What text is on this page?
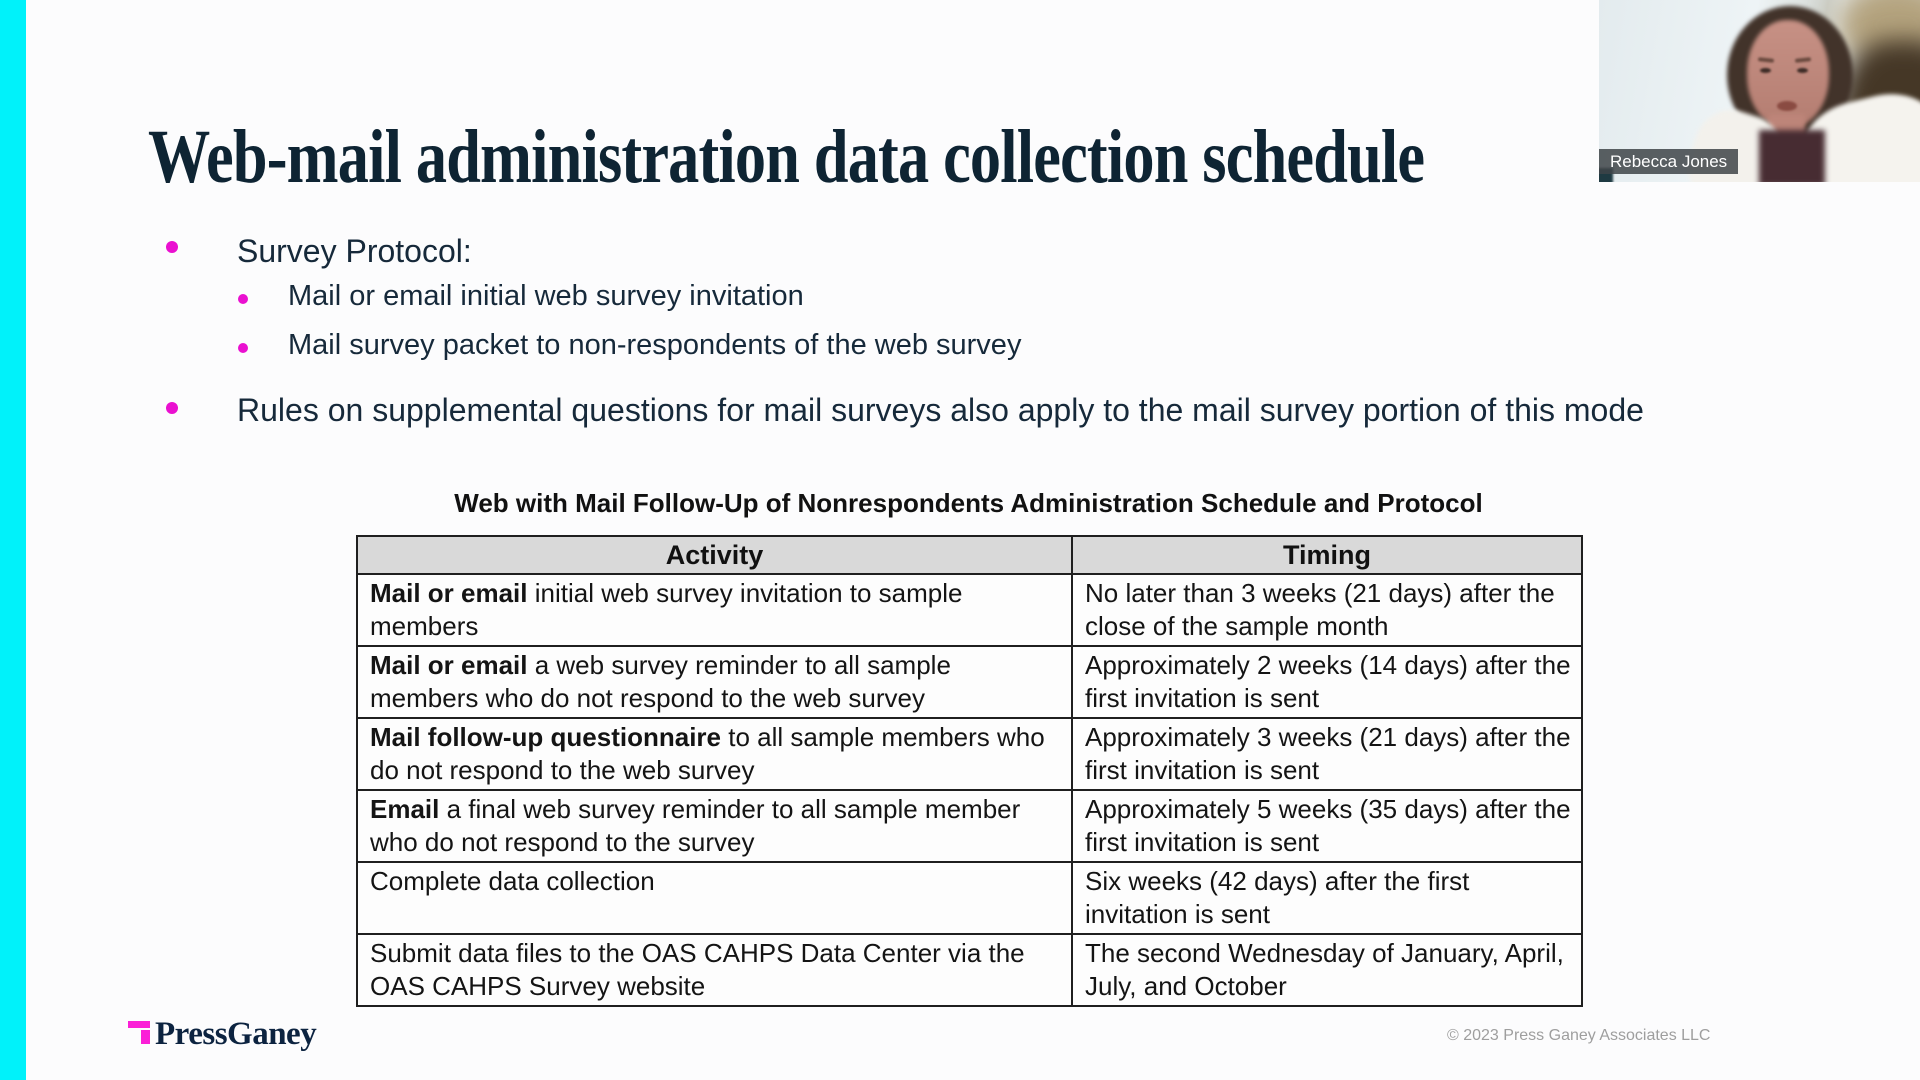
Web-mail administration data collection schedule
Survey Protocol:
Mail or email initial web survey invitation
Mail survey packet to non-respondents of the web survey
Rules on supplemental questions for mail surveys also apply to the mail survey portion of this mode
Web with Mail Follow-Up of Nonrespondents Administration Schedule and Protocol
Activity	Timing
Mail or email initial web survey invitation to sample members	No later than 3 weeks (21 days) after the close of the sample month
Mail or email a web survey reminder to all sample members who do not respond to the web survey	Approximately 2 weeks (14 days) after the first invitation is sent
Mail follow-up questionnaire to all sample members who do not respond to the web survey	Approximately 3 weeks (21 days) after the first invitation is sent
Email a final web survey reminder to all sample member who do not respond to the survey	Approximately 5 weeks (35 days) after the first invitation is sent
Complete data collection	Six weeks (42 days) after the first invitation is sent
Submit data files to the OAS CAHPS Data Center via the OAS CAHPS Survey website	The second Wednesday of January, April, July, and October
PressGaney	© 2023 Press Ganey Associates LLC
Rebecca Jones
